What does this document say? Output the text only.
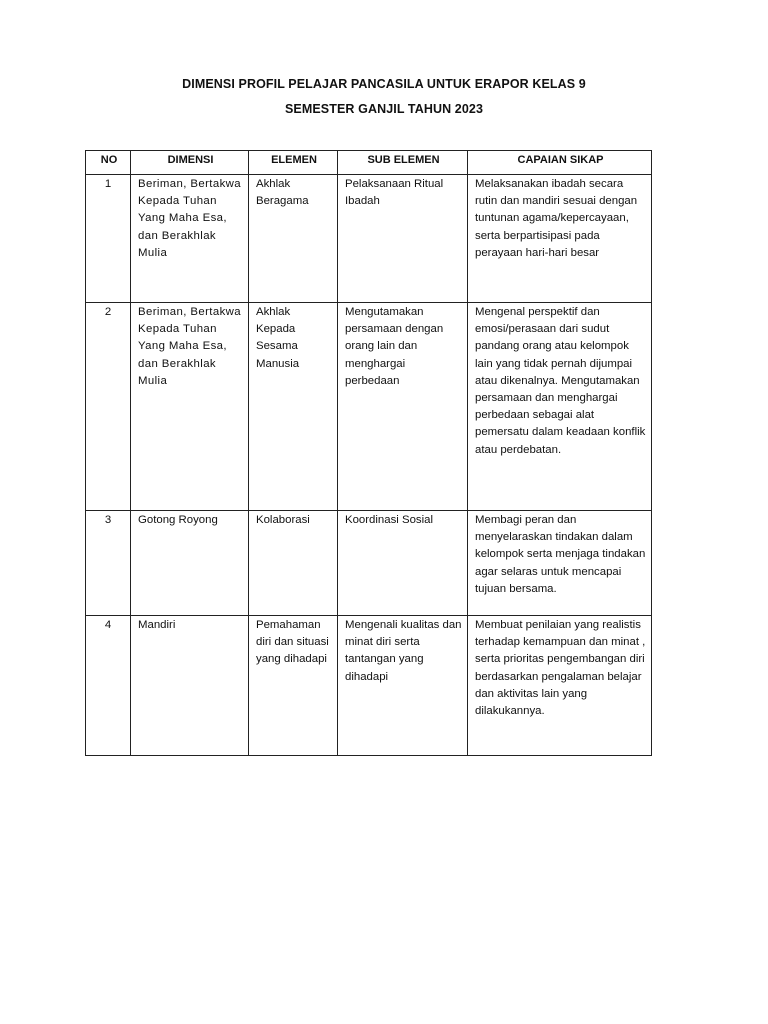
DIMENSI PROFIL PELAJAR PANCASILA UNTUK ERAPOR KELAS 9
SEMESTER GANJIL TAHUN 2023
NO	DIMENSI	ELEMEN	SUB ELEMEN	CAPAIAN SIKAP
1	Beriman, Bertakwa Kepada Tuhan Yang Maha Esa, dan Berakhlak Mulia	Akhlak Beragama	Pelaksanaan Ritual Ibadah	Melaksanakan ibadah secara rutin dan mandiri sesuai dengan tuntunan agama/kepercayaan, serta berpartisipasi pada perayaan hari-hari besar
2	Beriman, Bertakwa Kepada Tuhan Yang Maha Esa, dan Berakhlak Mulia	Akhlak Kepada Sesama Manusia	Mengutamakan persamaan dengan orang lain dan menghargai perbedaan	Mengenal perspektif dan emosi/perasaan dari sudut pandang orang atau kelompok lain yang tidak pernah dijumpai atau dikenalnya. Mengutamakan persamaan dan menghargai perbedaan sebagai alat pemersatu dalam keadaan konflik atau perdebatan.
3	Gotong Royong	Kolaborasi	Koordinasi Sosial	Membagi peran dan menyelaraskan tindakan dalam kelompok serta menjaga tindakan agar selaras untuk mencapai tujuan bersama.
4	Mandiri	Pemahaman diri dan situasi yang dihadapi	Mengenali kualitas dan minat diri serta tantangan yang dihadapi	Membuat penilaian yang realistis terhadap kemampuan dan minat , serta prioritas pengembangan diri berdasarkan pengalaman belajar dan aktivitas lain yang dilakukannya.
